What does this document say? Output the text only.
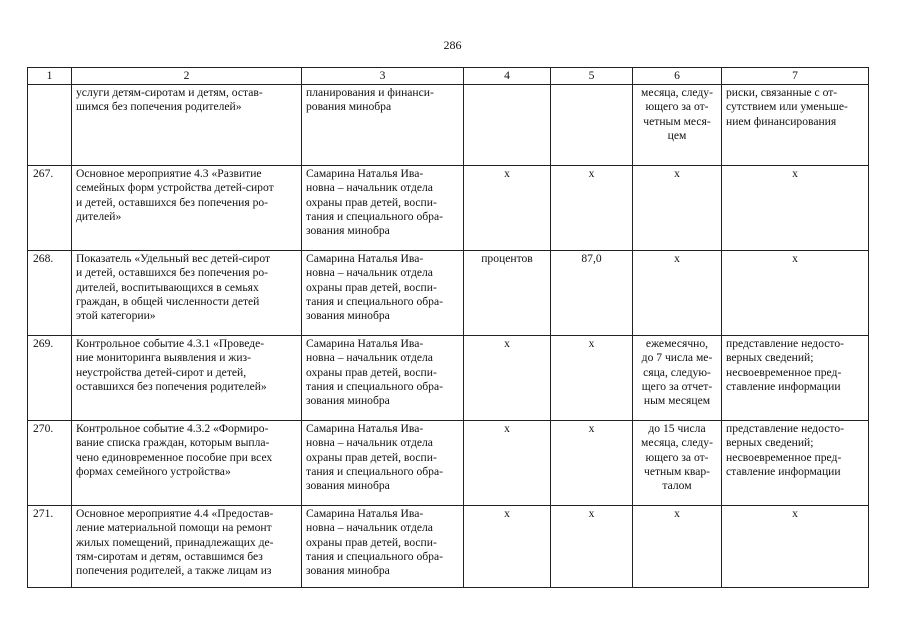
286
1	2	3	4	5	6	7
	услуги детям-сиротам и детям, остав-
шимся без попечения родителей»	планирования и финанси-
рования минобра			месяца, следу-
ющего за от-
четным меся-
цем	риски, связанные с от-
сутствием или уменьше-
нием финансирования
267.	Основное мероприятие 4.3 «Развитие
семейных форм устройства детей-сирот
и детей, оставшихся без попечения ро-
дителей»	Самарина Наталья Ива-
новна – начальник отдела
охраны прав детей, воспи-
тания и специального обра-
зования минобра	х	х	х	х
268.	Показатель «Удельный вес детей-сирот
и детей, оставшихся без попечения ро-
дителей, воспитывающихся в семьях
граждан, в общей численности детей
этой категории»	Самарина Наталья Ива-
новна – начальник отдела
охраны прав детей, воспи-
тания и специального обра-
зования минобра	процентов	87,0	х	х
269.	Контрольное событие 4.3.1 «Проведе-
ние мониторинга выявления и жиз-
неустройства детей-сирот и детей,
оставшихся без попечения родителей»	Самарина Наталья Ива-
новна – начальник отдела
охраны прав детей, воспи-
тания и специального обра-
зования минобра	х	х	ежемесячно,
до 7 числа ме-
сяца, следую-
щего за отчет-
ным месяцем	представление недосто-
верных сведений;
несвоевременное пред-
ставление информации
270.	Контрольное событие 4.3.2 «Формиро-
вание списка граждан, которым выпла-
чено единовременное пособие при всех
формах семейного устройства»	Самарина Наталья Ива-
новна – начальник отдела
охраны прав детей, воспи-
тания и специального обра-
зования минобра	х	х	до 15 числа
месяца, следу-
ющего за от-
четным квар-
талом	представление недосто-
верных сведений;
несвоевременное пред-
ставление информации
271.	Основное мероприятие 4.4 «Предостав-
ление материальной помощи на ремонт
жилых помещений, принадлежащих де-
тям-сиротам и детям, оставшимся без
попечения родителей, а также лицам из	Самарина Наталья Ива-
новна – начальник отдела
охраны прав детей, воспи-
тания и специального обра-
зования минобра	х	х	х	х
